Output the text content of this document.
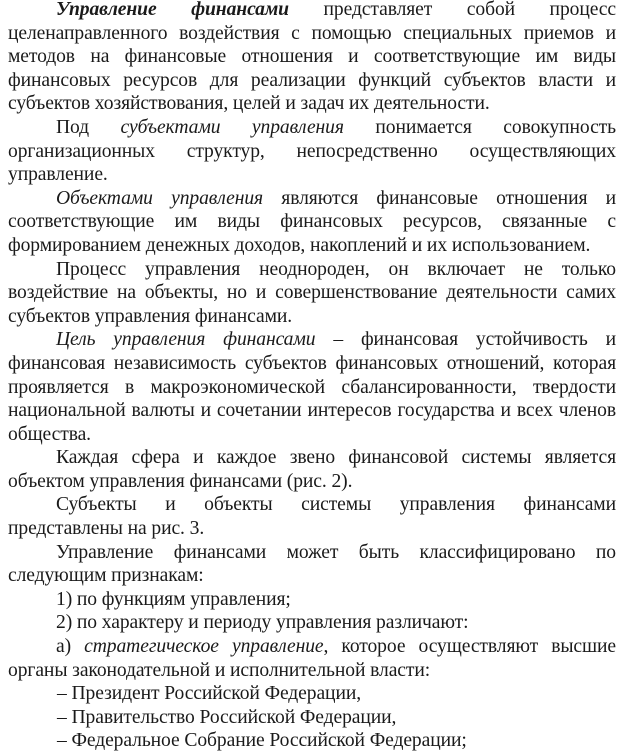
Управление финансами представляет собой процесс целенаправленного воздействия с помощью специальных приемов и методов на финансовые отношения и соответствующие им виды финансовых ресурсов для реализации функций субъектов власти и субъектов хозяйствования, целей и задач их деятельности.

Под субъектами управления понимается совокупность организационных структур, непосредственно осуществляющих управление.

Объектами управления являются финансовые отношения и соответствующие им виды финансовых ресурсов, связанные с формированием денежных доходов, накоплений и их использованием.

Процесс управления неоднороден, он включает не только воздействие на объекты, но и совершенствование деятельности самих субъектов управления финансами.

Цель управления финансами – финансовая устойчивость и финансовая независимость субъектов финансовых отношений, которая проявляется в макроэкономической сбалансированности, твердости национальной валюты и сочетании интересов государства и всех членов общества.

Каждая сфера и каждое звено финансовой системы является объектом управления финансами (рис. 2).

Субъекты и объекты системы управления финансами представлены на рис. 3.

Управление финансами может быть классифицировано по следующим признакам:

1) по функциям управления;

2) по характеру и периоду управления различают:

а) стратегическое управление, которое осуществляют высшие органы законодательной и исполнительной власти:

– Президент Российской Федерации,

– Правительство Российской Федерации,

– Федеральное Собрание Российской Федерации;
